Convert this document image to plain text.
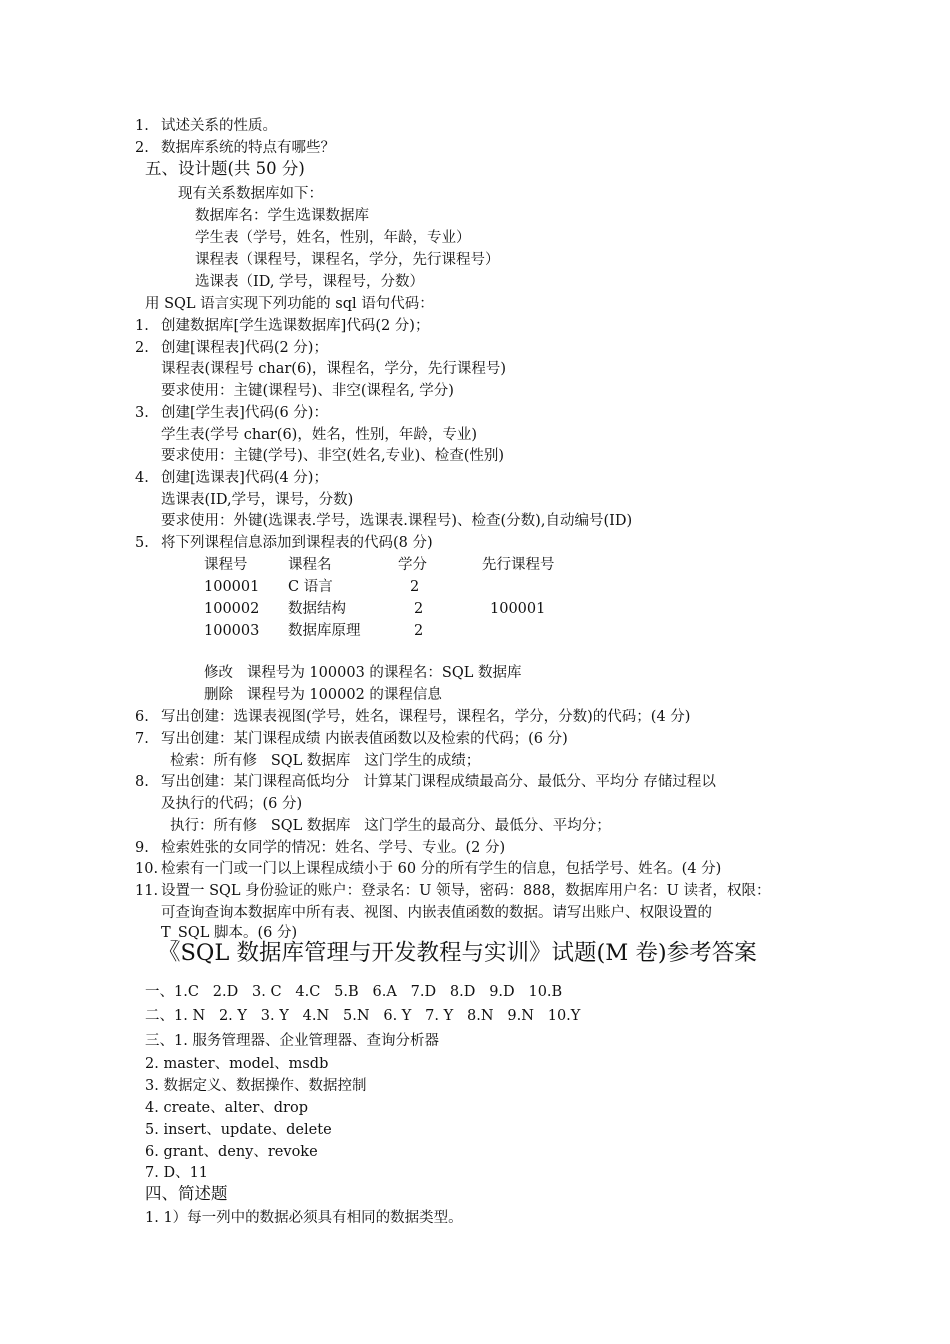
1. 试述关系的性质。
2. 数据库系统的特点有哪些？
五、设计题(共 50 分)
现有关系数据库如下：
数据库名：学生选课数据库
学生表（学号，姓名，性别，年龄，专业）
课程表（课程号，课程名，学分，先行课程号）
选课表（ID, 学号，课程号，分数）
用 SQL 语言实现下列功能的 sql 语句代码：
1. 创建数据库[学生选课数据库]代码(2 分)；
2. 创建[课程表]代码(2 分)；
课程表(课程号 char(6)，课程名，学分，先行课程号)
要求使用：主键(课程号)、非空(课程名, 学分)
3. 创建[学生表]代码(6 分)：
学生表(学号 char(6)，姓名，性别，年龄，专业)
要求使用：主键(学号)、非空(姓名,专业)、检查(性别)
4. 创建[选课表]代码(4 分)；
选课表(ID,学号，课号，分数)
要求使用：外键(选课表.学号，选课表.课程号)、检查(分数),自动编号(ID)
5. 将下列课程信息添加到课程表的代码(8 分)
课程号	课程名	学分	先行课程号
100001	C 语言	2	
100002	数据结构	2	100001
100003	数据库原理	2	
修改   课程号为 100003 的课程名：SQL 数据库
删除   课程号为 100002 的课程信息
6. 写出创建：选课表视图(学号，姓名，课程号，课程名，学分，分数)的代码；(4 分)
7. 写出创建：某门课程成绩 内嵌表值函数以及检索的代码；(6 分)
检索：所有修   SQL 数据库   这门学生的成绩；
8. 写出创建：某门课程高低均分   计算某门课程成绩最高分、最低分、平均分 存储过程以
及执行的代码；(6 分)
执行：所有修   SQL 数据库   这门学生的最高分、最低分、平均分；
9. 检索姓张的女同学的情况：姓名、学号、专业。(2 分)
10. 检索有一门或一门以上课程成绩小于 60 分的所有学生的信息，包括学号、姓名。(4 分)
11. 设置一 SQL 身份验证的账户：登录名：U 领导，密码：888，数据库用户名：U 读者，权限：
可查询查询本数据库中所有表、视图、内嵌表值函数的数据。请写出账户、权限设置的
T_SQL 脚本。(6 分)
《SQL 数据库管理与开发教程与实训》试题(M 卷)参考答案
一、1.C   2.D   3. C   4.C   5.B   6.A   7.D   8.D   9.D   10.B
二、1. N   2. Y   3. Y   4.N   5.N   6. Y   7. Y   8.N   9.N   10.Y
三、1. 服务管理器、企业管理器、查询分析器
2. master、model、msdb
3. 数据定义、数据操作、数据控制
4. create、alter、drop
5. insert、update、delete
6. grant、deny、revoke
7. D、11
四、简述题
1. 1）每一列中的数据必须具有相同的数据类型。
